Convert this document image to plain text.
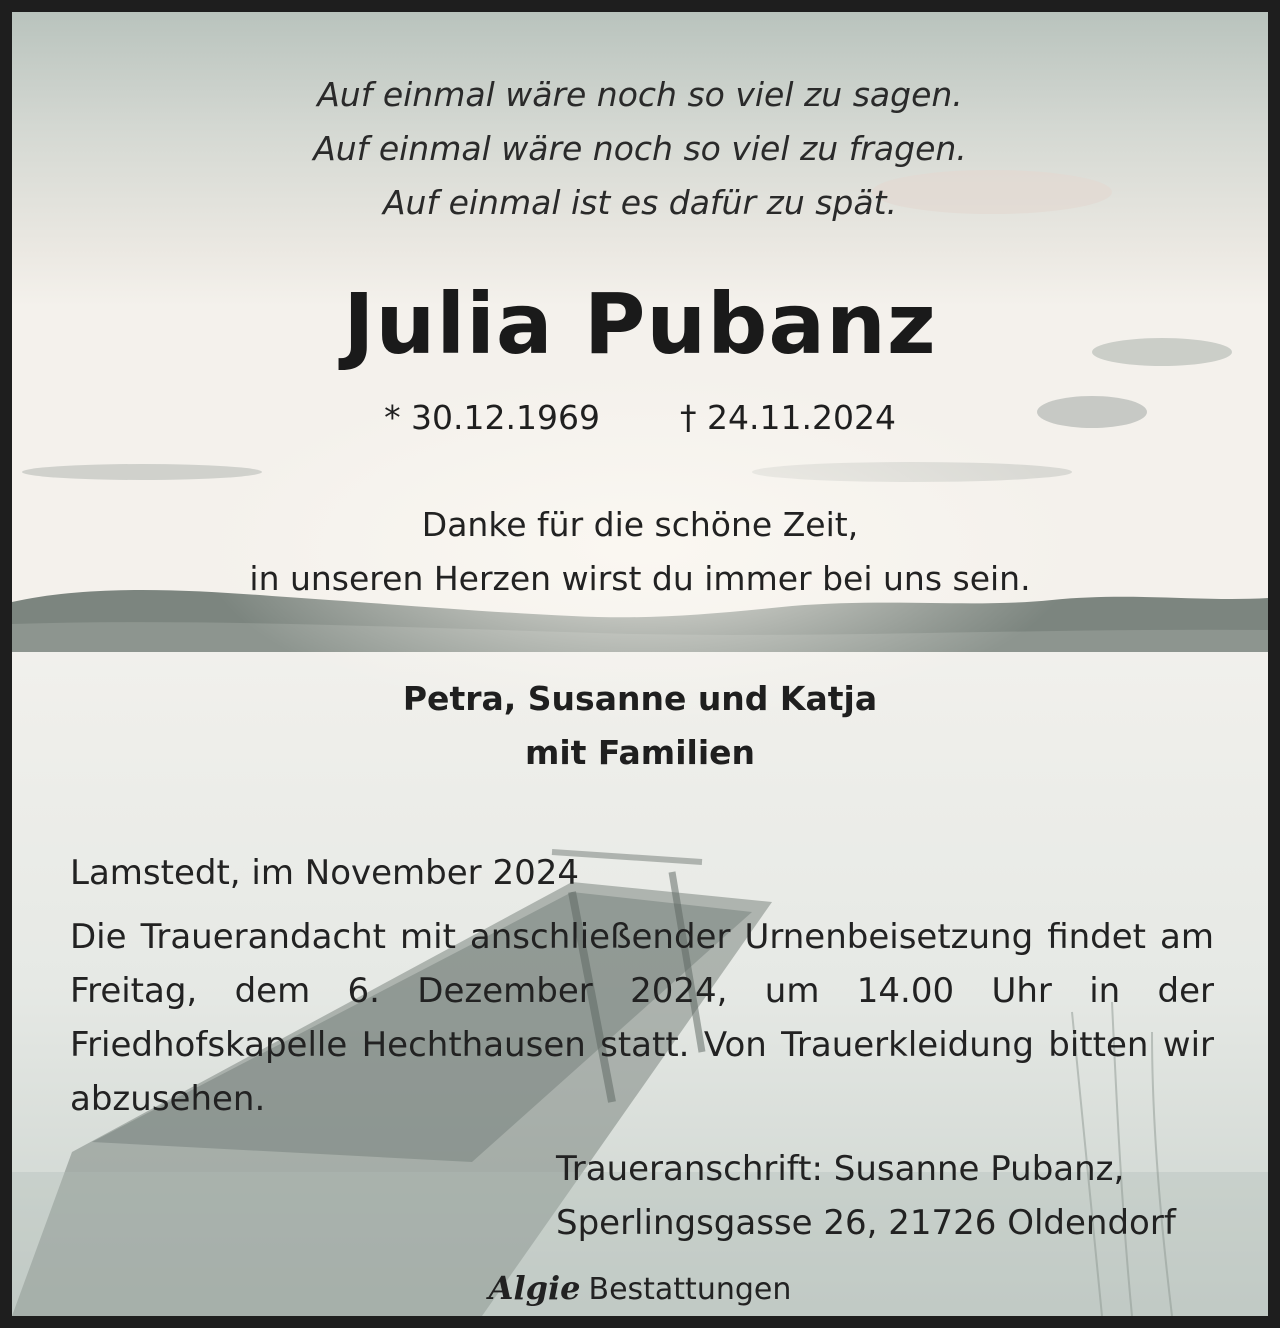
Auf einmal wäre noch so viel zu sagen.
Auf einmal wäre noch so viel zu fragen.
Auf einmal ist es dafür zu spät.
Julia Pubanz
* 30.12.1969 † 24.11.2024
Danke für die schöne Zeit,
in unseren Herzen wirst du immer bei uns sein.
Petra, Susanne und Katja
mit Familien
Lamstedt, im November 2024
Die Trauerandacht mit anschließender Urnenbeisetzung findet am Freitag, dem 6. Dezember 2024, um 14.00 Uhr in der Friedhofskapelle Hechthausen statt. Von Trauerkleidung bitten wir abzusehen.
Traueranschrift: Susanne Pubanz,
Sperlingsgasse 26, 21726 Oldendorf
Algie Bestattungen
